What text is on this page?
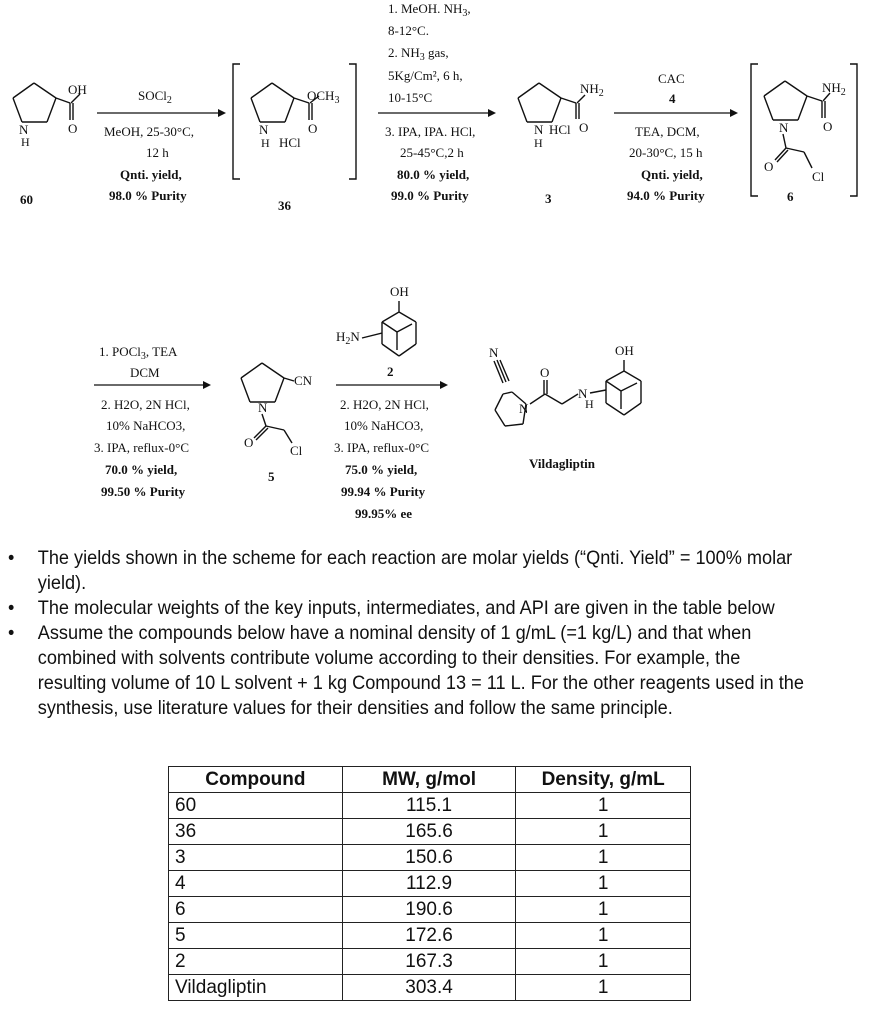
OH
O
N
H
60
SOCl$_2$
MeOH, 25-30°C,
12 h
Qnti. yield,
98.0 % Purity
$OCH_3$
O
N
H HCl
36
1. MeOH. $NH_3$,
8-12°C.
2. $NH_3$ gas,
5Kg/Cm², 6 h,
10-15°C
3. IPA, IPA. HCl,
25-45°C,2 h
80.0 % yield,
99.0 % Purity
$NH_2$
O
N
H
HCl
3
CAC
4
TEA, DCM,
20-30°C, 15 h
Qnti. yield,
94.0 % Purity
$NH_2$
O
N
O
Cl
6
1. POCl$_3$, TEA
DCM
2. H2O, 2N HCl,
10% NaHCO3,
3. IPA, reflux-0°C
70.0 % yield,
99.50 % Purity
CN
N
O
Cl
5
OH
$H_2N$
2
2. H2O, 2N HCl,
10% NaHCO3,
3. IPA, reflux-0°C
75.0 % yield,
99.94 % Purity
99.95% ee
N
N
O
N
H
OH
Vildagliptin
• The yields shown in the scheme for each reaction are molar yields (“Qnti. Yield” = 100% molar yield).
• The molecular weights of the key inputs, intermediates, and API are given in the table below
• Assume the compounds below have a nominal density of 1 g/mL (=1 kg/L) and that when combined with solvents contribute volume according to their densities. For example, the resulting volume of 10 L solvent + 1 kg Compound 13 = 11 L. For the other reagents used in the synthesis, use literature values for their densities and follow the same principle.
Compound	MW, g/mol	Density, g/mL
60	115.1	1
36	165.6	1
3	150.6	1
4	112.9	1
6	190.6	1
5	172.6	1
2	167.3	1
Vildagliptin	303.4	1
